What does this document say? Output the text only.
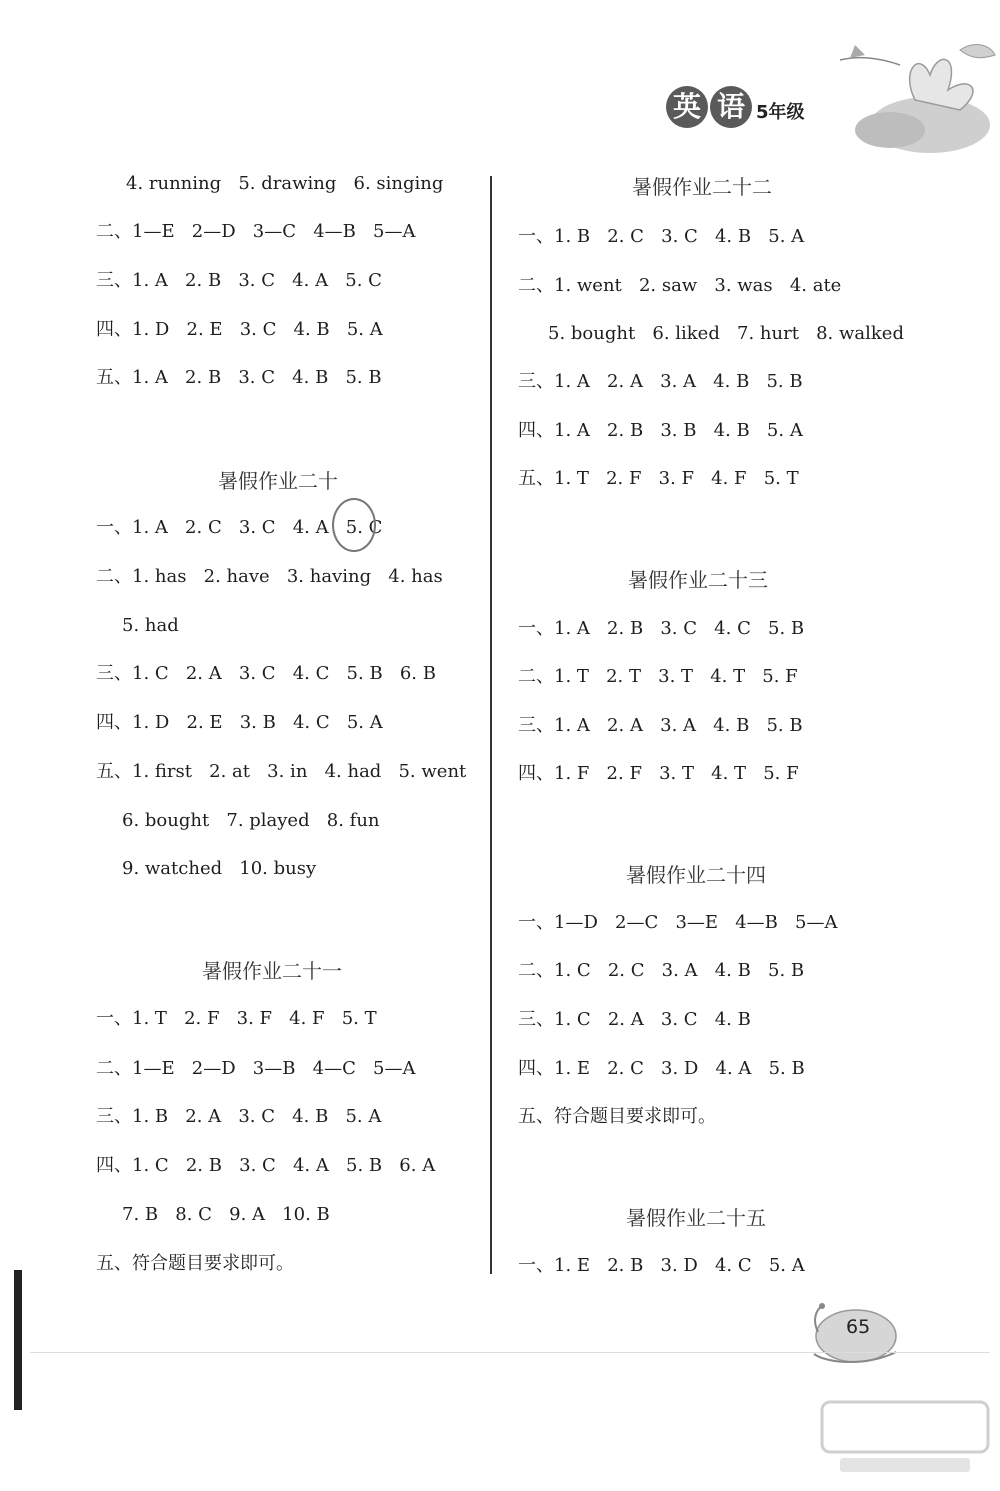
英 语 5年级
暑假作业二十
暑假作业二十一
4. running   5. drawing   6. singing
二、1—E   2—D   3—C   4—B   5—A
三、1. A   2. B   3. C   4. A   5. C
四、1. D   2. E   3. C   4. B   5. A
五、1. A   2. B   3. C   4. B   5. B
一、1. A   2. C   3. C   4. A   5. C
二、1. has   2. have   3. having   4. has
5. had
三、1. C   2. A   3. C   4. C   5. B   6. B
四、1. D   2. E   3. B   4. C   5. A
五、1. first   2. at   3. in   4. had   5. went
6. bought   7. played   8. fun
9. watched   10. busy
一、1. T   2. F   3. F   4. F   5. T
二、1—E   2—D   3—B   4—C   5—A
三、1. B   2. A   3. C   4. B   5. A
四、1. C   2. B   3. C   4. A   5. B   6. A
7. B   8. C   9. A   10. B
五、符合题目要求即可。
暑假作业二十二
一、1. B   2. C   3. C   4. B   5. A
二、1. went   2. saw   3. was   4. ate
5. bought   6. liked   7. hurt   8. walked
三、1. A   2. A   3. A   4. B   5. B
四、1. A   2. B   3. B   4. B   5. A
五、1. T   2. F   3. F   4. F   5. T
暑假作业二十三
一、1. A   2. B   3. C   4. C   5. B
二、1. T   2. T   3. T   4. T   5. F
三、1. A   2. A   3. A   4. B   5. B
四、1. F   2. F   3. T   4. T   5. F
暑假作业二十四
一、1—D   2—C   3—E   4—B   5—A
二、1. C   2. C   3. A   4. B   5. B
三、1. C   2. A   3. C   4. B
四、1. E   2. C   3. D   4. A   5. B
五、符合题目要求即可。
暑假作业二十五
一、1. E   2. B   3. D   4. C   5. A
65
